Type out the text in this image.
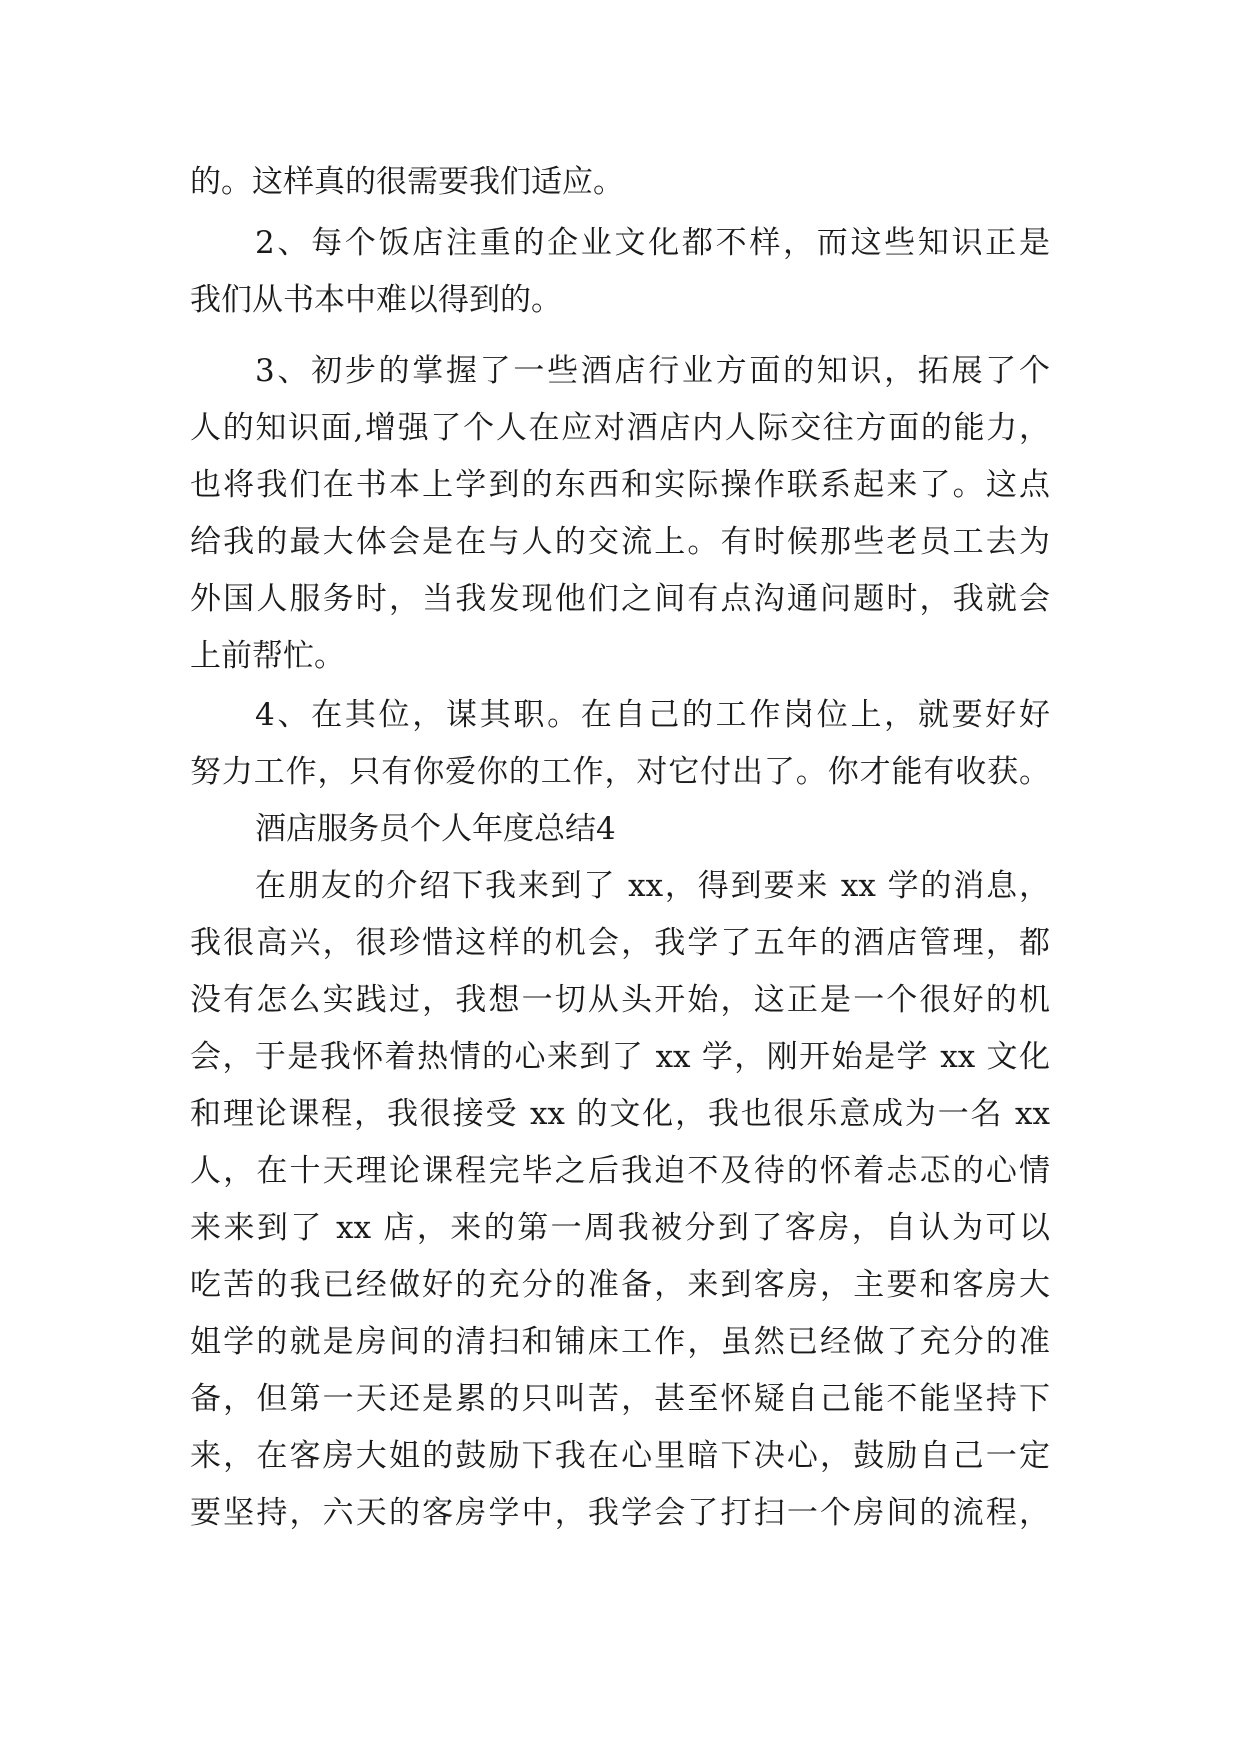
的。这样真的很需要我们适应。
2、每个饭店注重的企业文化都不样，而这些知识正是
我们从书本中难以得到的。
3、初步的掌握了一些酒店行业方面的知识，拓展了个
人的知识面,增强了个人在应对酒店内人际交往方面的能力，
也将我们在书本上学到的东西和实际操作联系起来了。这点
给我的最大体会是在与人的交流上。有时候那些老员工去为
外国人服务时，当我发现他们之间有点沟通问题时，我就会
上前帮忙。
4、在其位，谋其职。在自己的工作岗位上，就要好好
努力工作，只有你爱你的工作，对它付出了。你才能有收获。
酒店服务员个人年度总结4
在朋友的介绍下我来到了 xx，得到要来 xx 学的消息，
我很高兴，很珍惜这样的机会，我学了五年的酒店管理，都
没有怎么实践过，我想一切从头开始，这正是一个很好的机
会，于是我怀着热情的心来到了 xx 学，刚开始是学 xx 文化
和理论课程，我很接受 xx 的文化，我也很乐意成为一名 xx
人，在十天理论课程完毕之后我迫不及待的怀着忐忑的心情
来来到了 xx 店，来的第一周我被分到了客房，自认为可以
吃苦的我已经做好的充分的准备，来到客房，主要和客房大
姐学的就是房间的清扫和铺床工作，虽然已经做了充分的准
备，但第一天还是累的只叫苦，甚至怀疑自己能不能坚持下
来，在客房大姐的鼓励下我在心里暗下决心，鼓励自己一定
要坚持，六天的客房学中，我学会了打扫一个房间的流程，
